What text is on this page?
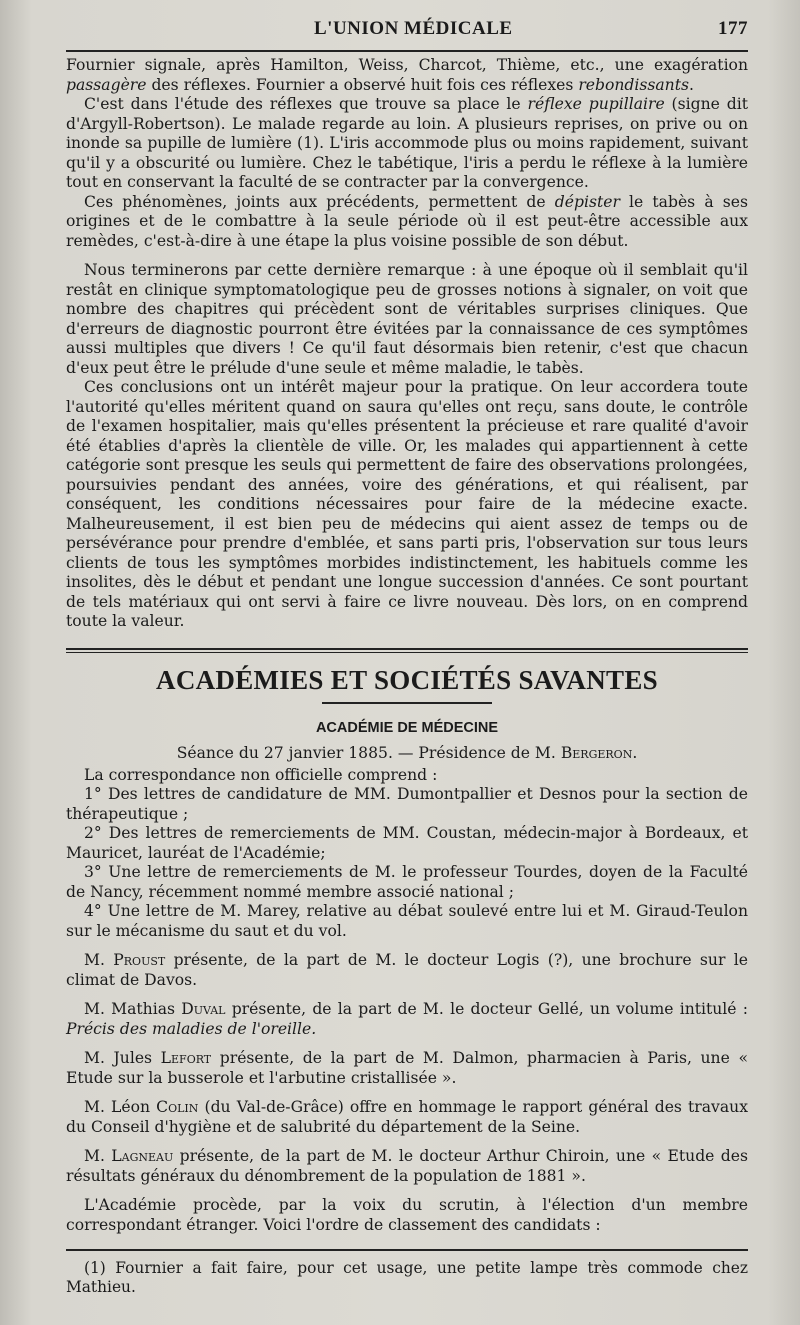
L'UNION MÉDICALE	177

Fournier signale, après Hamilton, Weiss, Charcot, Thième, etc., une exagération passagère des réflexes. Fournier a observé huit fois ces réflexes rebondissants.

C'est dans l'étude des réflexes que trouve sa place le réflexe pupillaire (signe dit d'Argyll-Robertson). Le malade regarde au loin. A plusieurs reprises, on prive ou on inonde sa pupille de lumière (1). L'iris accommode plus ou moins rapidement, suivant qu'il y a obscurité ou lumière. Chez le tabétique, l'iris a perdu le réflexe à la lumière tout en conservant la faculté de se contracter par la convergence.

Ces phénomènes, joints aux précédents, permettent de dépister le tabès à ses origines et de le combattre à la seule période où il est peut-être accessible aux remèdes, c'est-à-dire à une étape la plus voisine possible de son début.

Nous terminerons par cette dernière remarque : à une époque où il semblait qu'il restât en clinique symptomatologique peu de grosses notions à signaler, on voit que nombre des chapitres qui précèdent sont de véritables surprises cliniques. Que d'erreurs de diagnostic pourront être évitées par la connaissance de ces symptômes aussi multiples que divers ! Ce qu'il faut désormais bien retenir, c'est que chacun d'eux peut être le prélude d'une seule et même maladie, le tabès.

Ces conclusions ont un intérêt majeur pour la pratique. On leur accordera toute l'autorité qu'elles méritent quand on saura qu'elles ont reçu, sans doute, le contrôle de l'examen hospitalier, mais qu'elles présentent la précieuse et rare qualité d'avoir été établies d'après la clientèle de ville. Or, les malades qui appartiennent à cette catégorie sont presque les seuls qui permettent de faire des observations prolongées, poursuivies pendant des années, voire des générations, et qui réalisent, par conséquent, les conditions nécessaires pour faire de la médecine exacte. Malheureusement, il est bien peu de médecins qui aient assez de temps ou de persévérance pour prendre d'emblée, et sans parti pris, l'observation sur tous leurs clients de tous les symptômes morbides indistinctement, les habituels comme les insolites, dès le début et pendant une longue succession d'années. Ce sont pourtant de tels matériaux qui ont servi à faire ce livre nouveau. Dès lors, on en comprend toute la valeur.

ACADÉMIES ET SOCIÉTÉS SAVANTES
ACADÉMIE DE MÉDECINE
Séance du 27 janvier 1885. — Présidence de M. Bergeron.

La correspondance non officielle comprend :

1° Des lettres de candidature de MM. Dumontpallier et Desnos pour la section de thérapeutique ;

2° Des lettres de remerciements de MM. Coustan, médecin-major à Bordeaux, et Mauricet, lauréat de l'Académie;

3° Une lettre de remerciements de M. le professeur Tourdes, doyen de la Faculté de Nancy, récemment nommé membre associé national ;

4° Une lettre de M. Marey, relative au débat soulevé entre lui et M. Giraud-Teulon sur le mécanisme du saut et du vol.

M. Proust présente, de la part de M. le docteur Logis (?), une brochure sur le climat de Davos.

M. Mathias Duval présente, de la part de M. le docteur Gellé, un volume intitulé : Précis des maladies de l'oreille.

M. Jules Lefort présente, de la part de M. Dalmon, pharmacien à Paris, une « Etude sur la busserole et l'arbutine cristallisée ».

M. Léon Colin (du Val-de-Grâce) offre en hommage le rapport général des travaux du Conseil d'hygiène et de salubrité du département de la Seine.

M. Lagneau présente, de la part de M. le docteur Arthur Chiroin, une « Etude des résultats généraux du dénombrement de la population de 1881 ».

L'Académie procède, par la voix du scrutin, à l'élection d'un membre correspondant étranger. Voici l'ordre de classement des candidats :

(1) Fournier a fait faire, pour cet usage, une petite lampe très commode chez Mathieu.
